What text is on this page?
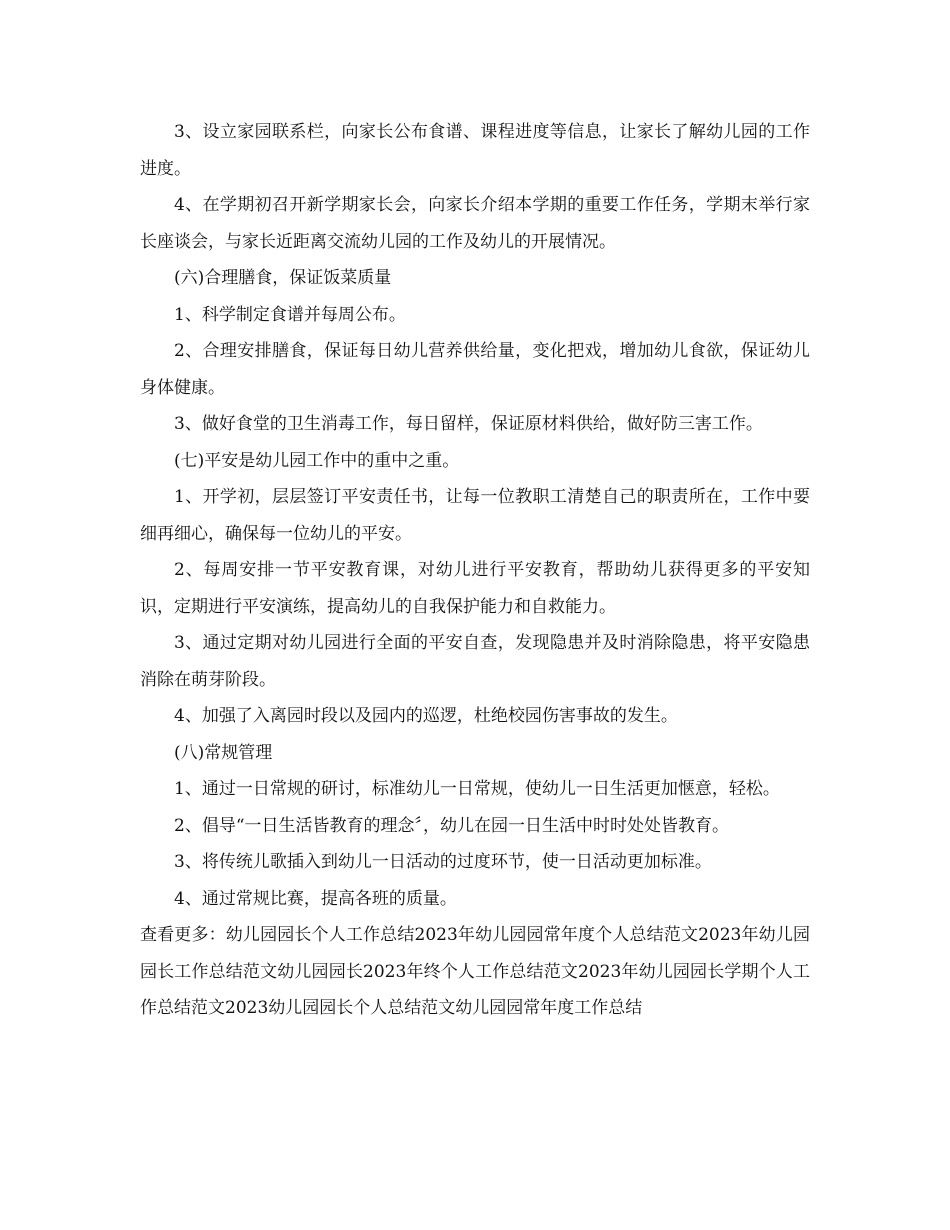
3、设立家园联系栏，向家长公布食谱、课程进度等信息，让家长了解幼儿园的工作进度。

4、在学期初召开新学期家长会，向家长介绍本学期的重要工作任务，学期末举行家长座谈会，与家长近距离交流幼儿园的工作及幼儿的开展情况。

(六)合理膳食，保证饭菜质量

1、科学制定食谱并每周公布。

2、合理安排膳食，保证每日幼儿营养供给量，变化把戏，增加幼儿食欲，保证幼儿身体健康。

3、做好食堂的卫生消毒工作，每日留样，保证原材料供给，做好防三害工作。

(七)平安是幼儿园工作中的重中之重。

1、开学初，层层签订平安责任书，让每一位教职工清楚自己的职责所在，工作中要细再细心，确保每一位幼儿的平安。

2、每周安排一节平安教育课，对幼儿进行平安教育，帮助幼儿获得更多的平安知识，定期进行平安演练，提高幼儿的自我保护能力和自救能力。

3、通过定期对幼儿园进行全面的平安自查，发现隐患并及时消除隐患，将平安隐患消除在萌芽阶段。

4、加强了入离园时段以及园内的巡逻，杜绝校园伤害事故的发生。

(八)常规管理

1、通过一日常规的研讨，标准幼儿一日常规，使幼儿一日生活更加惬意，轻松。

2、倡导“一日生活皆教育的理念〞，幼儿在园一日生活中时时处处皆教育。

3、将传统儿歌插入到幼儿一日活动的过度环节，使一日活动更加标准。

4、通过常规比赛，提高各班的质量。

查看更多：幼儿园园长个人工作总结2023年幼儿园园常年度个人总结范文2023年幼儿园园长工作总结范文幼儿园园长2023年终个人工作总结范文2023年幼儿园园长学期个人工作总结范文2023幼儿园园长个人总结范文幼儿园园常年度工作总结
